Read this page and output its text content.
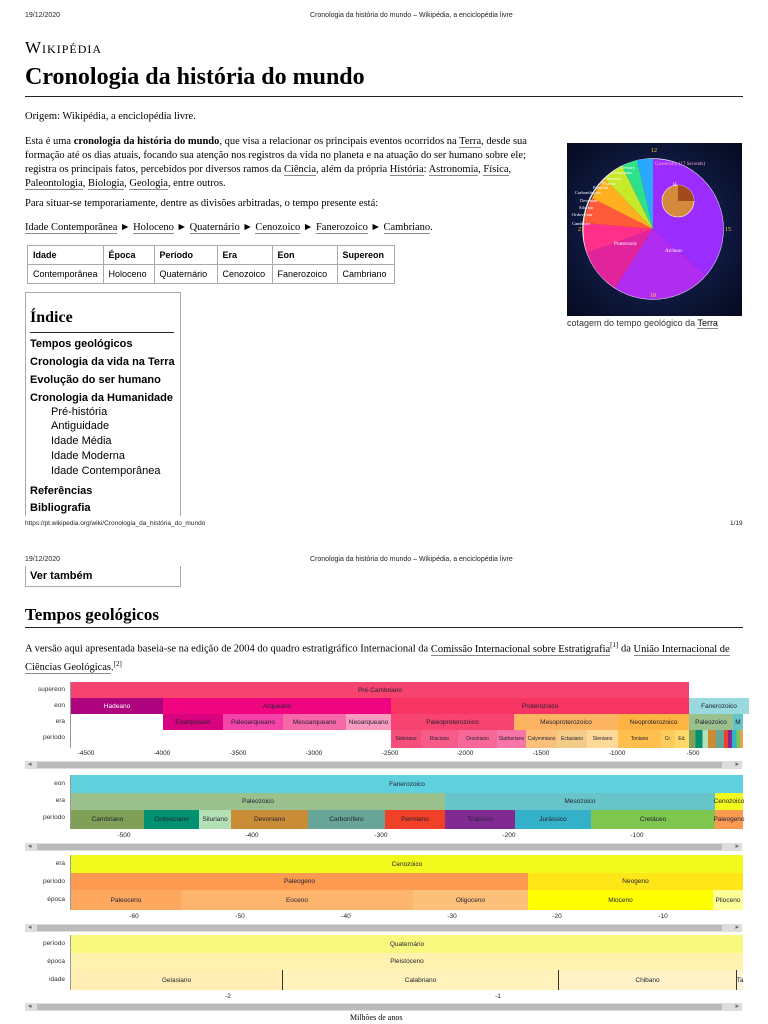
19/12/2020	Cronologia da história do mundo – Wikipédia, a enciclopédia livre
Wikipédia
Cronologia da história do mundo
Origem: Wikipédia, a enciclopédia livre.
Esta é uma cronologia da história do mundo, que visa a relacionar os principais eventos ocorridos na Terra, desde sua formação até os dias atuais, focando sua atenção nos registros da vida no planeta e na atuação do ser humano sobre ele; registra os principais fatos, percebidos por diversos ramos da Ciência, além da própria História: Astronomia, Física, Paleontologia, Biologia, Geologia, entre outros.
Para situar-se temporariamente, dentre as divisões arbitradas, o tempo presente está:
Idade Contemporânea ► Holoceno ► Quaternário ► Cenozoico ► Fanerozoico ► Cambriano.
Idade	Época	Período	Era	Eon	Supereon
Contemporânea	Holoceno	Quaternário	Cenozoico	Fanerozoico	Cambriano
Quaternary (17 Seconds)
Tertiary
Cretaceous
Jurassic
Triassic
Permian
Carboniferous
Devonian
Silurian
Ordovician
Cambrian
Archean
Proterozoic
H
12
15
18
21
cotagem do tempo geológico da Terra
Índice
Tempos geológicos
Cronologia da vida na Terra
Evolução do ser humano
Cronologia da Humanidade
Pré-história
Antiguidade
Idade Média
Idade Moderna
Idade Contemporânea
Referências
Bibliografia
https://pt.wikipedia.org/wiki/Cronologia_da_história_do_mundo	1/19
19/12/2020	Cronologia da história do mundo – Wikipédia, a enciclopédia livre
Ver também
Tempos geológicos
A versão aqui apresentada baseia-se na edição de 2004 do quadro estratigráfico Internacional da Comissão Internacional sobre Estratigrafia[1] da União Internacional de Ciências Geológicas.[2]
supereon
eon
era
período
Pré-Cambriano
Hadeano	Arqueano	Proterozoico	Fanerozoico
Eoarqueano	Paleoarqueano	Mesoarqueano	Neoarqueano	Paleoproterozoico	Mesoproterozoico	Neoproterozoico	Paleozoico	M
Sideriano	Riaciano	Orosiriano	Statheriano Calymmiano	Ectasiano	Steniano	Toniano	Cr.	Ed.
-4500	-4000	-3500	-3000	-2500	-2000	-1500	-1000	-500
◂	▸
eon
era
período
Fanerozoico
Paleozoico	Mesozoico	Cenozoico
Cambriano	Ordoviciano	Siluriano	Devoniano	Carbonífero	Permiano	Triássico	Jurássico	Cretáceo	Paleogeno
-500	-400	-300	-200	-100
◂	▸
era
período
época
Cenozoico
Paleogeno	Neogeno
Paleoceno	Eoceno	Oligoceno	Mioceno	Plioceno
-60	-50	-40	-30	-20	-10
◂	▸
período
época
idade
Quaternário
Pleistoceno
Gelasiano	Calabriano	Chibano	Ta
-2	-1
◂	▸
Milhões de anos
